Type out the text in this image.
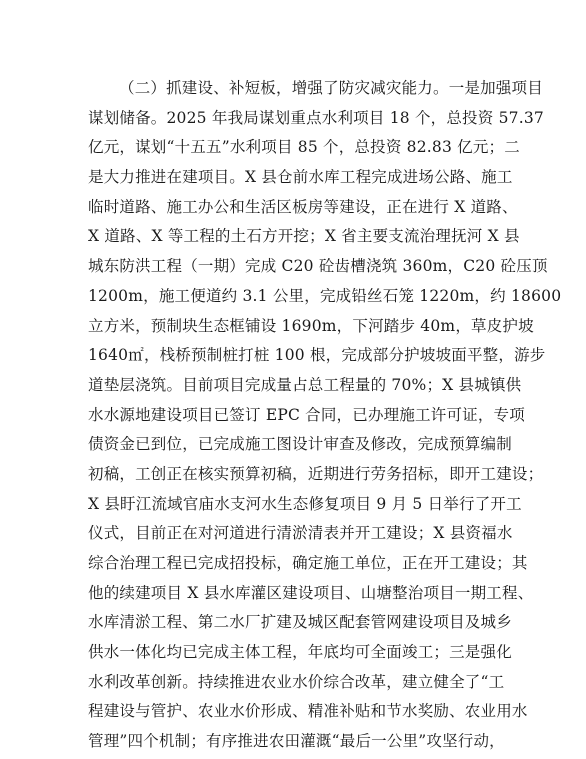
（二）抓建设、补短板，增强了防灾减灾能力。一是加强项目
谋划储备。2025 年我局谋划重点水利项目 18 个，总投资 57.37
亿元，谋划“十五五”水利项目 85 个，总投资 82.83 亿元；二
是大力推进在建项目。X 县仓前水库工程完成进场公路、施工
临时道路、施工办公和生活区板房等建设，正在进行 X 道路、
X 道路、X 等工程的土石方开挖；X 省主要支流治理抚河 X 县
城东防洪工程（一期）完成 C20 砼齿槽浇筑 360m，C20 砼压顶
1200m，施工便道约 3.1 公里，完成铅丝石笼 1220m，约 18600
立方米，预制块生态框铺设 1690m，下河踏步 40m，草皮护坡
1640㎡，栈桥预制桩打桩 100 根，完成部分护坡坡面平整，游步
道垫层浇筑。目前项目完成量占总工程量的 70%；X 县城镇供
水水源地建设项目已签订 EPC 合同，已办理施工许可证，专项
债资金已到位，已完成施工图设计审查及修改，完成预算编制
初稿，工创正在核实预算初稿，近期进行劳务招标，即开工建设；
X 县盱江流域官庙水支河水生态修复项目 9 月 5 日举行了开工
仪式，目前正在对河道进行清淤清表并开工建设；X 县资福水
综合治理工程已完成招投标，确定施工单位，正在开工建设；其
他的续建项目 X 县水库灌区建设项目、山塘整治项目一期工程、
水库清淤工程、第二水厂扩建及城区配套管网建设项目及城乡
供水一体化均已完成主体工程，年底均可全面竣工；三是强化
水利改革创新。持续推进农业水价综合改革，建立健全了“工
程建设与管护、农业水价形成、精准补贴和节水奖励、农业用水
管理”四个机制；有序推进农田灌溉“最后一公里”攻坚行动，
